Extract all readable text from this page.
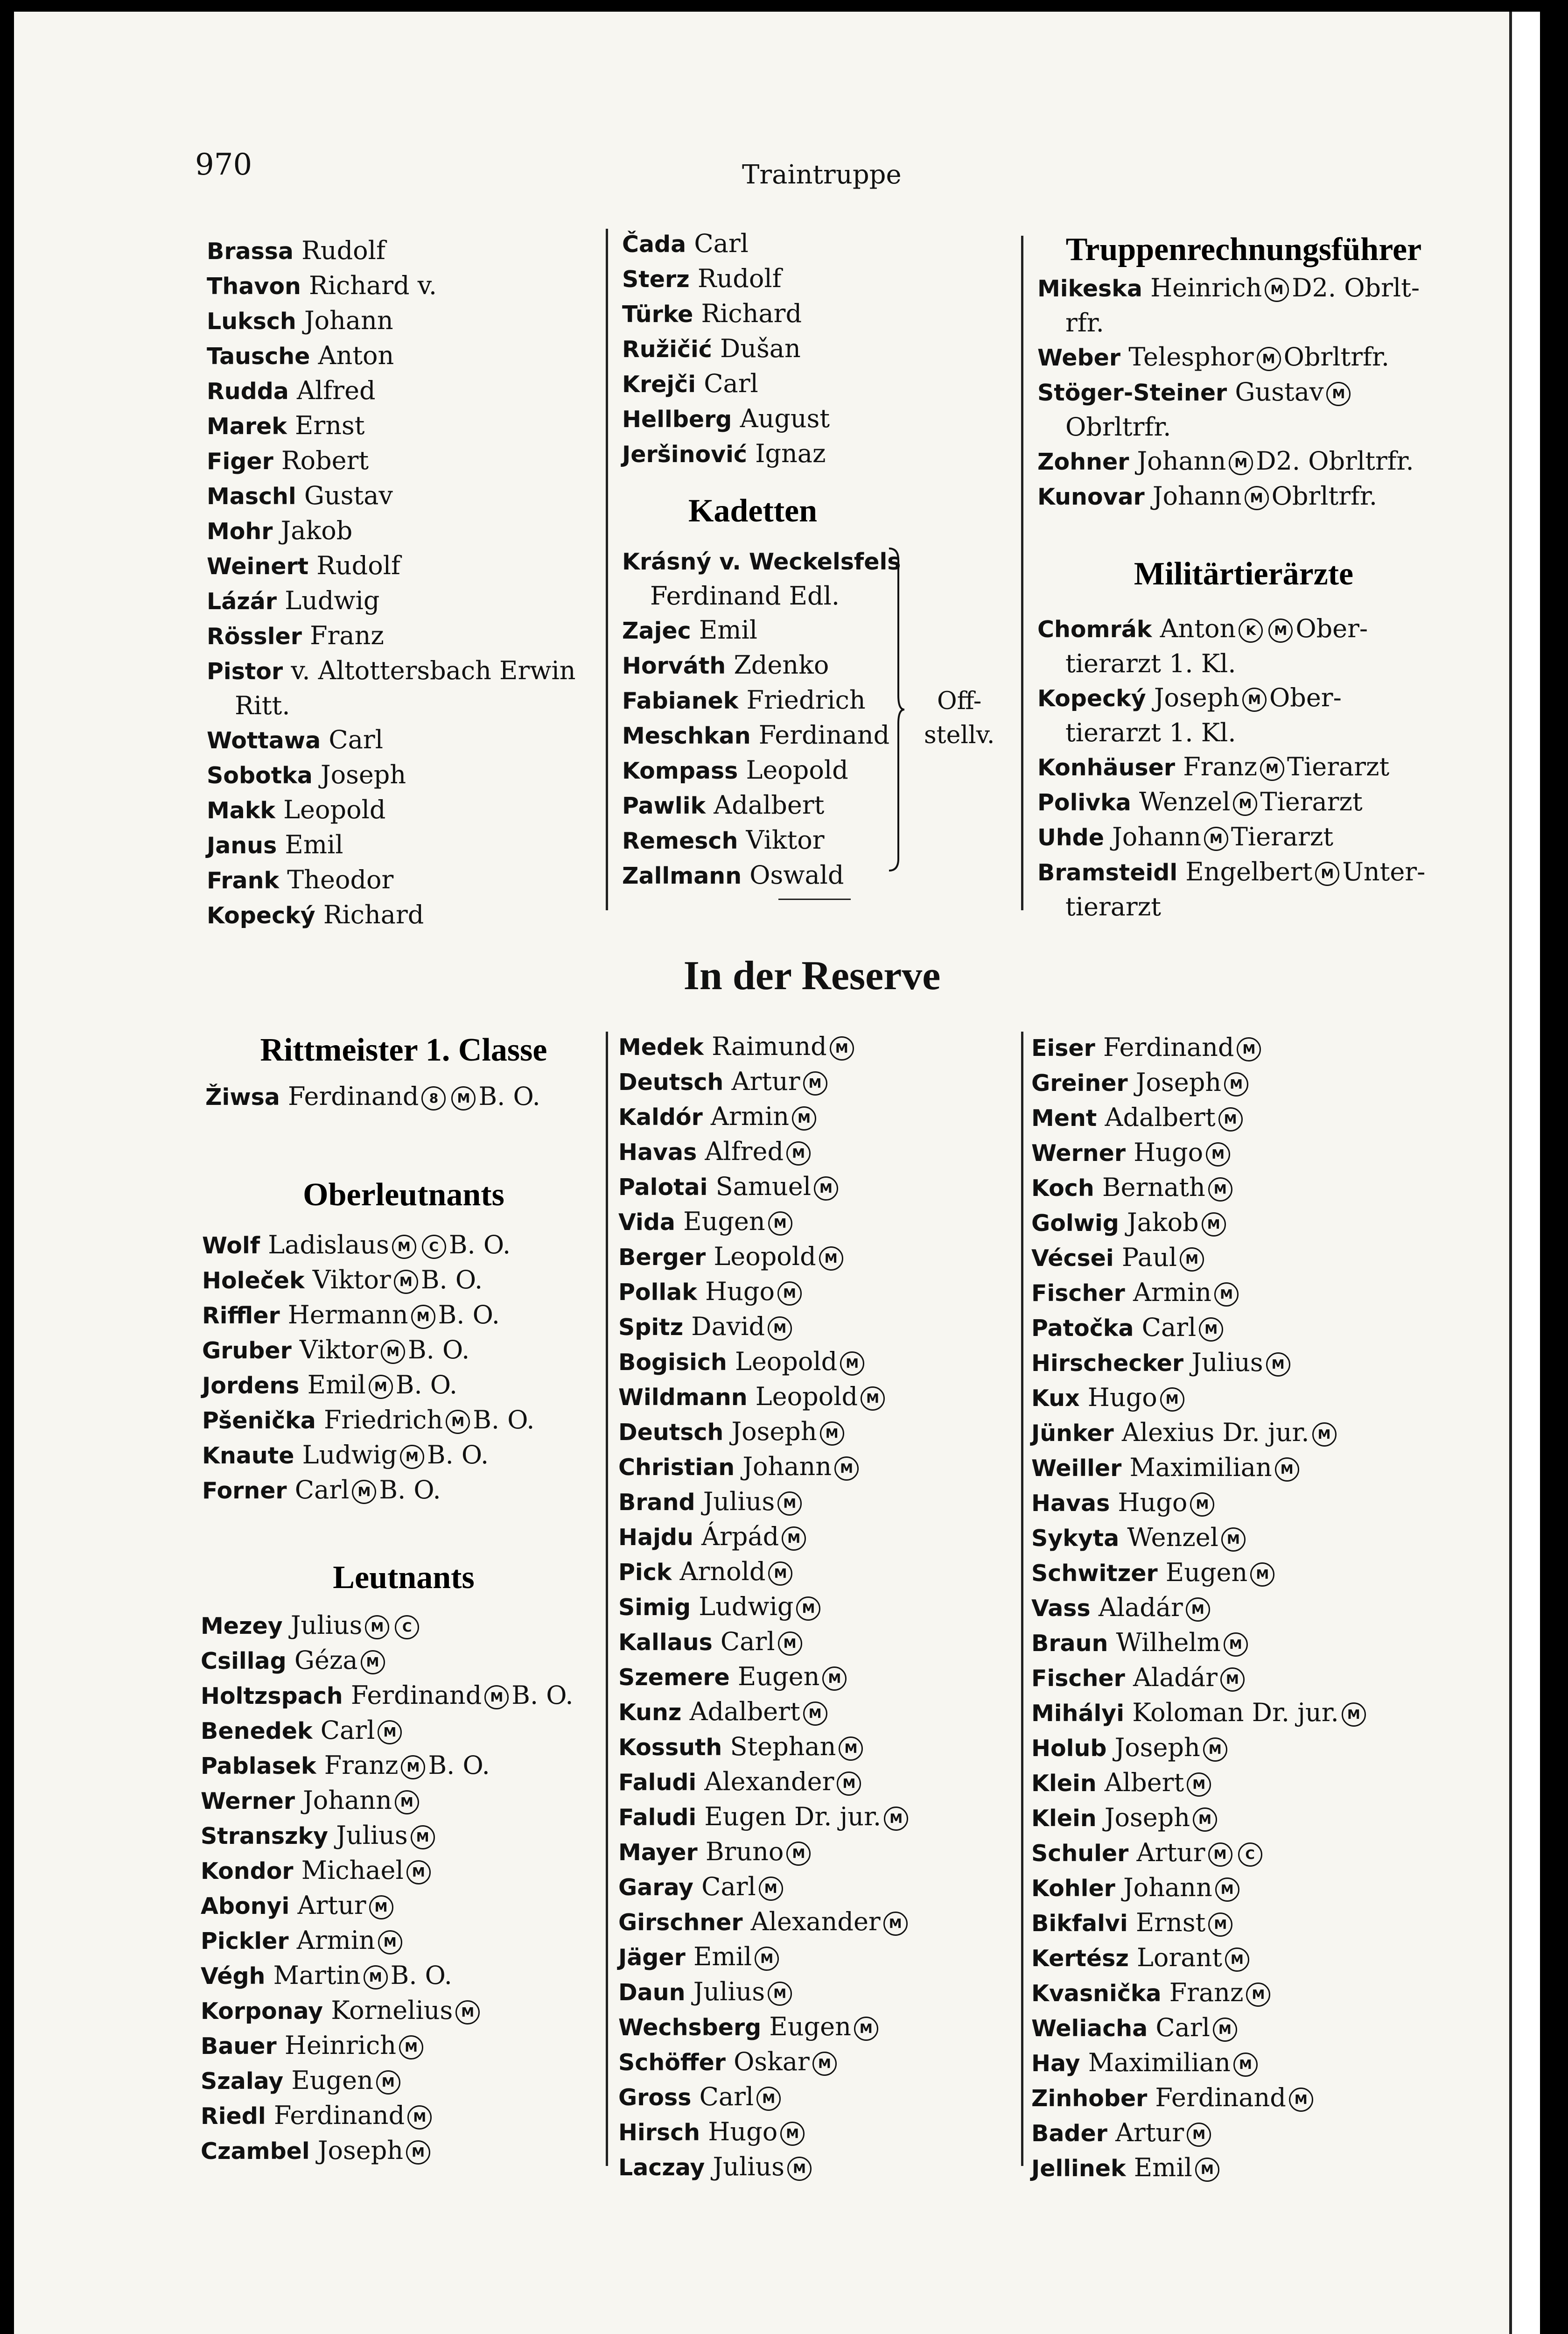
970	Traintruppe
Brassa Rudolf
Thavon Richard v.
Luksch Johann
Tausche Anton
Rudda Alfred
Marek Ernst
Figer Robert
Maschl Gustav
Mohr Jakob
Weinert Rudolf
Lázár Ludwig
Rössler Franz
Pistor v. Altottersbach Erwin
Ritt.
Wottawa Carl
Sobotka Joseph
Makk Leopold
Janus Emil
Frank Theodor
Kopecký Richard
Čada Carl
Sterz Rudolf
Türke Richard
Ružičić Dušan
Krejči Carl
Hellberg August
Jeršinović Ignaz
Kadetten
Krásný v. Weckelsfels
Ferdinand Edl.
Zajec Emil
Horváth Zdenko
Fabianek Friedrich
Meschkan Ferdinand
Kompass Leopold
Pawlik Adalbert
Remesch Viktor
Zallmann Oswald
Off-
stellv.
Truppenrechnungsführer
Mikeska Heinrich M D2. Obrlt-
rfr.
Weber Telesphor M Obrltrfr.
Stöger-Steiner Gustav M
Obrltrfr.
Zohner Johann M D2. Obrltrfr.
Kunovar Johann M Obrltrfr.
Militärtierärzte
Chomrák Anton K M Ober-
tierarzt 1. Kl.
Kopecký Joseph M Ober-
tierarzt 1. Kl.
Konhäuser Franz M Tierarzt
Polivka Wenzel M Tierarzt
Uhde Johann M Tierarzt
Bramsteidl Engelbert M Unter-
tierarzt
In der Reserve
Rittmeister 1. Classe
Žiwsa Ferdinand 8 M B. O.
Oberleutnants
Wolf Ladislaus M C B. O.
Holeček Viktor M B. O.
Riffler Hermann M B. O.
Gruber Viktor M B. O.
Jordens Emil M B. O.
Pšenička Friedrich M B. O.
Knaute Ludwig M B. O.
Forner Carl M B. O.
Leutnants
Mezey Julius M C
Csillag Géza M
Holtzspach Ferdinand M B. O.
Benedek Carl M
Pablasek Franz M B. O.
Werner Johann M
Stranszky Julius M
Kondor Michael M
Abonyi Artur M
Pickler Armin M
Végh Martin M B. O.
Korponay Kornelius M
Bauer Heinrich M
Szalay Eugen M
Riedl Ferdinand M
Czambel Joseph M
Medek Raimund M
Deutsch Artur M
Kaldór Armin M
Havas Alfred M
Palotai Samuel M
Vida Eugen M
Berger Leopold M
Pollak Hugo M
Spitz David M
Bogisich Leopold M
Wildmann Leopold M
Deutsch Joseph M
Christian Johann M
Brand Julius M
Hajdu Árpád M
Pick Arnold M
Simig Ludwig M
Kallaus Carl M
Szemere Eugen M
Kunz Adalbert M
Kossuth Stephan M
Faludi Alexander M
Faludi Eugen Dr. jur. M
Mayer Bruno M
Garay Carl M
Girschner Alexander M
Jäger Emil M
Daun Julius M
Wechsberg Eugen M
Schöffer Oskar M
Gross Carl M
Hirsch Hugo M
Laczay Julius M
Eiser Ferdinand M
Greiner Joseph M
Ment Adalbert M
Werner Hugo M
Koch Bernath M
Golwig Jakob M
Vécsei Paul M
Fischer Armin M
Patočka Carl M
Hirschecker Julius M
Kux Hugo M
Jünker Alexius Dr. jur. M
Weiller Maximilian M
Havas Hugo M
Sykyta Wenzel M
Schwitzer Eugen M
Vass Aladár M
Braun Wilhelm M
Fischer Aladár M
Mihályi Koloman Dr. jur. M
Holub Joseph M
Klein Albert M
Klein Joseph M
Schuler Artur M C
Kohler Johann M
Bikfalvi Ernst M
Kertész Lorant M
Kvasnička Franz M
Weliacha Carl M
Hay Maximilian M
Zinhober Ferdinand M
Bader Artur M
Jellinek Emil M
